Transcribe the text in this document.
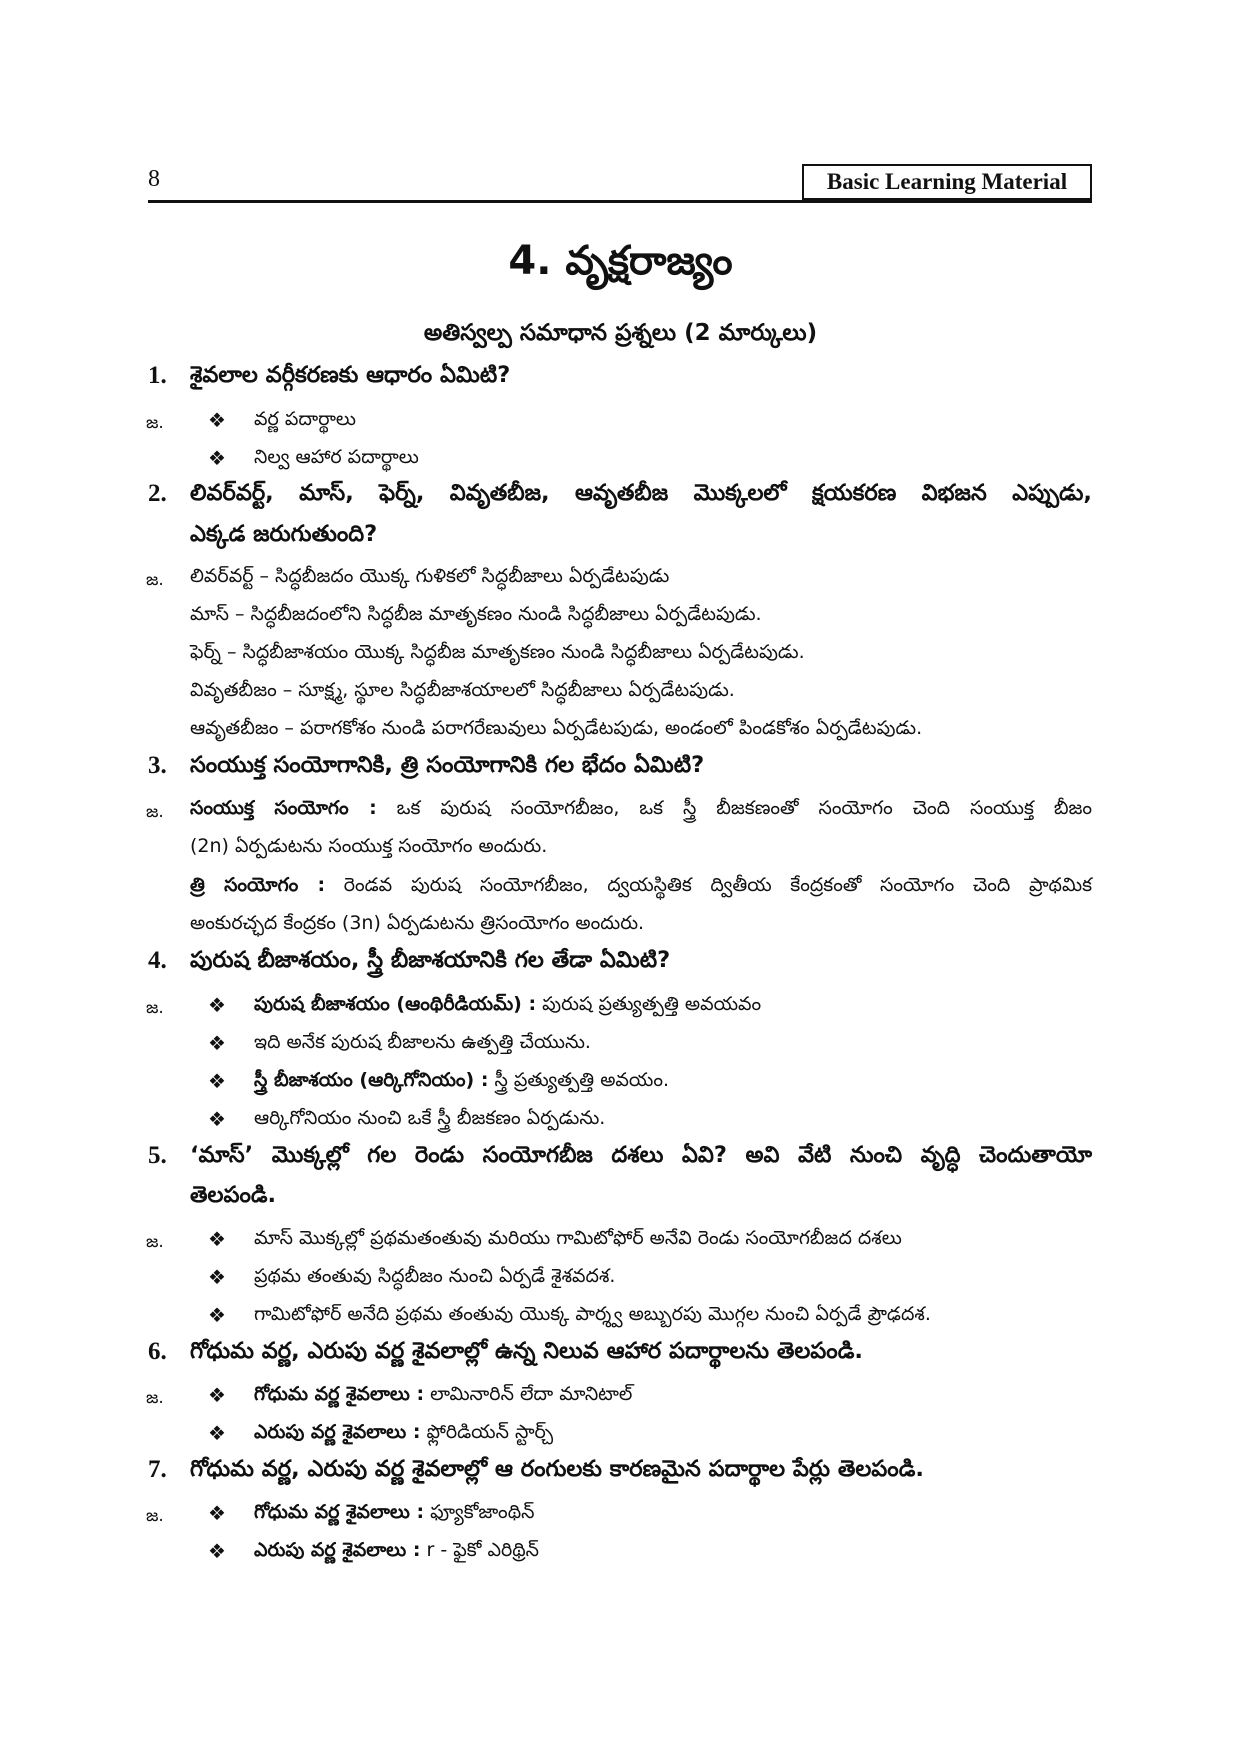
8	Basic Learning Material
4. వృక్షరాజ్యం
అతిస్వల్ప సమాధాన ప్రశ్నలు (2 మార్కులు)
1. శైవలాల వర్గీకరణకు ఆధారం ఏమిటి?
జ. ❖ వర్ణ పదార్థాలు
❖ నిల్వ ఆహార పదార్థాలు
2. లివర్‌వర్ట్, మాస్, ఫెర్న్, వివృతబీజ, ఆవృతబీజ మొక్కలలో క్షయకరణ విభజన ఎప్పుడు,
ఎక్కడ జరుగుతుంది?
జ. లివర్‌వర్ట్ – సిద్ధబీజదం యొక్క గుళికలో సిద్ధబీజాలు ఏర్పడేటపుడు
మాస్ – సిద్ధబీజదంలోని సిద్ధబీజ మాతృకణం నుండి సిద్ధబీజాలు ఏర్పడేటపుడు.
ఫెర్న్ – సిద్ధబీజాశయం యొక్క సిద్ధబీజ మాతృకణం నుండి సిద్ధబీజాలు ఏర్పడేటపుడు.
వివృతబీజం – సూక్ష్మ, స్థూల సిద్ధబీజాశయాలలో సిద్ధబీజాలు ఏర్పడేటపుడు.
ఆవృతబీజం – పరాగకోశం నుండి పరాగరేణువులు ఏర్పడేటపుడు, అండంలో పిండకోశం ఏర్పడేటపుడు.
3. సంయుక్త సంయోగానికి, త్రి సంయోగానికి గల భేదం ఏమిటి?
జ. సంయుక్త సంయోగం : ఒక పురుష సంయోగబీజం, ఒక స్త్రీ బీజకణంతో సంయోగం చెంది సంయుక్త బీజం
(2n) ఏర్పడుటను సంయుక్త సంయోగం అందురు.
త్రి సంయోగం : రెండవ పురుష సంయోగబీజం, ద్వయస్థితిక ద్వితీయ కేంద్రకంతో సంయోగం చెంది ప్రాథమిక
అంకురచ్ఛద కేంద్రకం (3n) ఏర్పడుటను త్రిసంయోగం అందురు.
4. పురుష బీజాశయం, స్త్రీ బీజాశయానికి గల తేడా ఏమిటి?
జ. ❖ పురుష బీజాశయం (ఆంథిరీడియమ్) : పురుష ప్రత్యుత్పత్తి అవయవం
❖ ఇది అనేక పురుష బీజాలను ఉత్పత్తి చేయును.
❖ స్త్రీ బీజాశయం (ఆర్కిగోనియం) : స్త్రీ ప్రత్యుత్పత్తి అవయం.
❖ ఆర్కిగోనియం నుంచి ఒకే స్త్రీ బీజకణం ఏర్పడును.
5. ‘మాస్’ మొక్కల్లో గల రెండు సంయోగబీజ దశలు ఏవి? అవి వేటి నుంచి వృద్ధి చెందుతాయో
తెలపండి.
జ. ❖ మాస్ మొక్కల్లో ప్రథమతంతువు మరియు గామిటోఫోర్ అనేవి రెండు సంయోగబీజద దశలు
❖ ప్రథమ తంతువు సిద్ధబీజం నుంచి ఏర్పడే శైశవదశ.
❖ గామిటోఫోర్ అనేది ప్రథమ తంతువు యొక్క పార్శ్వ అబ్బురపు మొగ్గల నుంచి ఏర్పడే ప్రౌఢదశ.
6. గోధుమ వర్ణ, ఎరుపు వర్ణ శైవలాల్లో ఉన్న నిలువ ఆహార పదార్థాలను తెలపండి.
జ. ❖ గోధుమ వర్ణ శైవలాలు : లామినారిన్ లేదా మానిటాల్
❖ ఎరుపు వర్ణ శైవలాలు : ఫ్లోరిడియన్ స్టార్చ్
7. గోధుమ వర్ణ, ఎరుపు వర్ణ శైవలాల్లో ఆ రంగులకు కారణమైన పదార్థాల పేర్లు తెలపండి.
జ. ❖ గోధుమ వర్ణ శైవలాలు : ఫ్యూకోజాంథిన్
❖ ఎరుపు వర్ణ శైవలాలు : r - ఫైకో ఎరిథ్రిన్
